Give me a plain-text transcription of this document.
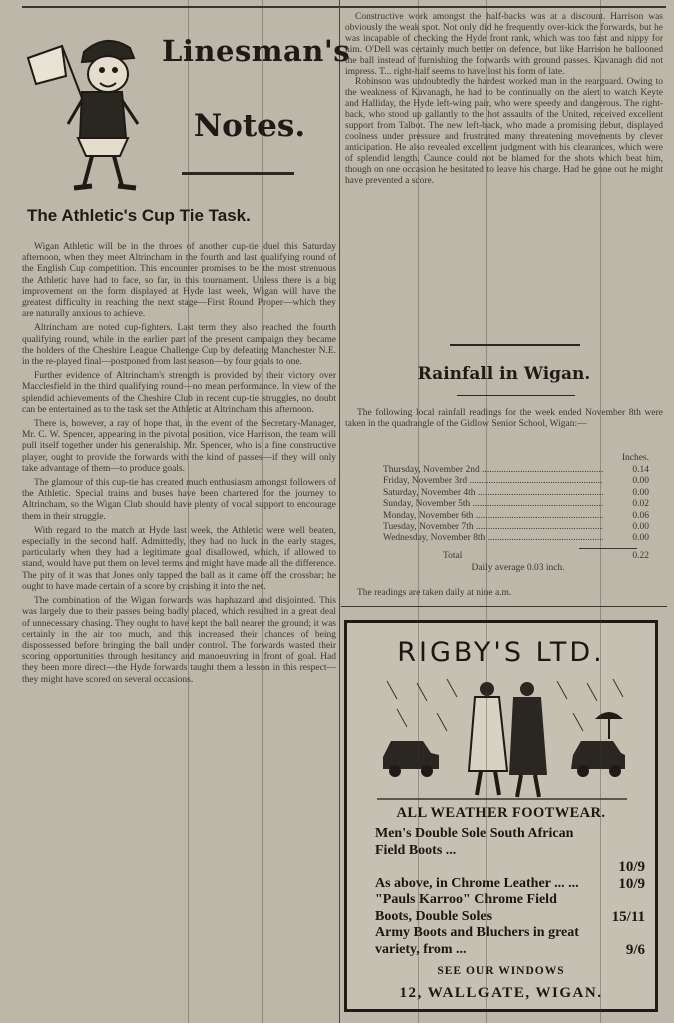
Linesman's
Notes.
The Athletic's Cup Tie Task.

Wigan Athletic will be in the throes of another cup-tie duel this Saturday afternoon, when they meet Altrincham in the fourth and last qualifying round of the English Cup competition. This encounter promises to be the most strenuous the Athletic have had to face, so far, in this tournament. Unless there is a big improvement on the form displayed at Hyde last week, Wigan will have the greatest difficulty in reaching the next stage—First Round Proper—which they are naturally anxious to achieve.

Altrincham are noted cup-fighters. Last term they also reached the fourth qualifying round, while in the earlier part of the present campaign they became the holders of the Cheshire League Challenge Cup by defeating Manchester N.E. in the re-played final—postponed from last season—by four goals to one.

Further evidence of Altrincham's strength is provided by their victory over Macclesfield in the third qualifying round—no mean performance. In view of the splendid achievements of the Cheshire Club in recent cup-tie struggles, no doubt can be entertained as to the task set the Athletic at Altrincham this afternoon.

There is, however, a ray of hope that, in the event of the Secretary-Manager, Mr. C. W. Spencer, appearing in the pivotal position, vice Harrison, the team will pull itself together under his generalship. Mr. Spencer, who is a fine constructive player, ought to provide the forwards with the kind of passes—if they will only take advantage of them—to produce goals.

The glamour of this cup-tie has created much enthusiasm amongst followers of the Athletic. Special trains and buses have been chartered for the journey to Altrincham, so the Wigan Club should have plenty of vocal support to encourage them in their struggle.

With regard to the match at Hyde last week, the Athletic were well beaten, especially in the second half. Admittedly, they had no luck in the early stages, particularly when they had a legitimate goal disallowed, which, if allowed to stand, would have put them on level terms and might have made all the difference. The pity of it was that Jones only tapped the ball as it came off the crossbar; he ought to have made certain of a score by crashing it into the net.

The combination of the Wigan forwards was haphazard and disjointed. This was largely due to their passes being badly placed, which resulted in a great deal of unnecessary chasing. They ought to have kept the ball nearer the ground; it was certainly in the air too much, and this increased their chances of being dispossessed before bringing the ball under control. The forwards wasted their scoring opportunities through hesitancy and manoeuvring in front of goal. Had they been more direct—the Hyde forwards taught them a lesson in this respect—they might have scored on several occasions.

Constructive work amongst the half-backs was at a discount. Harrison was obviously the weak spot. Not only did he frequently over-kick the forwards, but he was incapable of checking the Hyde front rank, which was too fast and nippy for him. O'Dell was certainly much better on defence, but like Harrison he ballooned the ball instead of furnishing the forwards with ground passes. Kavanagh did not impress. T... right-half seems to have lost his form of late.

Robinson was undoubtedly the hardest worked man in the rearguard. Owing to the weakness of Kavanagh, he had to be continually on the alert to watch Keyte and Halliday, the Hyde left-wing pair, who were speedy and dangerous. The right-back, who stood up gallantly to the hot assaults of the United, received excellent support from Talbot. The new left-back, who made a promising debut, displayed coolness under pressure and frustrated many threatening movements by clever anticipation. He also revealed excellent judgment with his clearances, which were of splendid length. Caunce could not be blamed for the shots which beat him, though on one occasion he hesitated to leave his charge. Had he gone out he might have prevented a score.

Rainfall in Wigan.

The following local rainfall readings for the week ended November 8th were taken in the quadrangle of the Gidlow Senior School, Wigan:—

Inches.
Thursday, November 2nd .....	0.14
Friday, November 3rd .....	0.00
Saturday, November 4th .....	0.00
Sunday, November 5th .....	0.02
Monday, November 6th .....	0.06
Tuesday, November 7th .....	0.00
Wednesday, November 8th .....	0.00
Total	0.22
Daily average 0.03 inch.
The readings are taken daily at nine a.m.
RIGBY'S LTD.
ALL WEATHER FOOTWEAR.
Men's Double Sole South African Field Boots ...
10/9
As above, in Chrome Leather ... ...	10/9
"Pauls Karroo" Chrome Field Boots, Double Soles	15/11
Army Boots and Bluchers in great variety, from ...	9/6
SEE OUR WINDOWS
12, WALLGATE, WIGAN.
